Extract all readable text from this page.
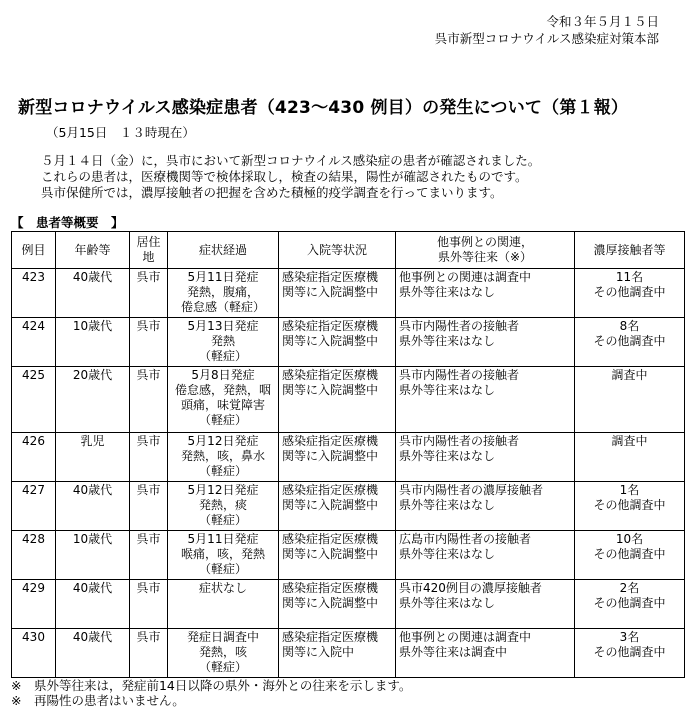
令和３年５月１５日
呉市新型コロナウイルス感染症対策本部
新型コロナウイルス感染症患者（423〜430 例目）の発生について（第１報）
（5月15日　１３時現在）
５月１４日（金）に，呉市において新型コロナウイルス感染症の患者が確認されました。
これらの患者は，医療機関等で検体採取し，検査の結果，陽性が確認されたものです。
呉市保健所では，濃厚接触者の把握を含めた積極的疫学調査を行ってまいります。
【　患者等概要　】
例目	年齢等	居住
地	症状経過	入院等状況	他事例との関連，
県外等往来（※）	濃厚接触者等
423	40歳代	呉市	5月11日発症
発熱，腹痛，
倦怠感（軽症）	感染症指定医療機
関等に入院調整中	他事例との関連は調査中
県外等往来はなし	11名
その他調査中
424	10歳代	呉市	5月13日発症
発熱
（軽症）	感染症指定医療機
関等に入院調整中	呉市内陽性者の接触者
県外等往来はなし	8名
その他調査中
425	20歳代	呉市	5月8日発症
倦怠感，発熱，咽
頭痛，味覚障害
（軽症）	感染症指定医療機
関等に入院調整中	呉市内陽性者の接触者
県外等往来はなし	調査中
426	乳児	呉市	5月12日発症
発熱，咳，鼻水
（軽症）	感染症指定医療機
関等に入院調整中	呉市内陽性者の接触者
県外等往来はなし	調査中
427	40歳代	呉市	5月12日発症
発熱，痰
（軽症）	感染症指定医療機
関等に入院調整中	呉市内陽性者の濃厚接触者
県外等往来はなし	1名
その他調査中
428	10歳代	呉市	5月11日発症
喉痛，咳，発熱
（軽症）	感染症指定医療機
関等に入院調整中	広島市内陽性者の接触者
県外等往来はなし	10名
その他調査中
429	40歳代	呉市	症状なし	感染症指定医療機
関等に入院調整中	呉市420例目の濃厚接触者
県外等往来はなし	2名
その他調査中
430	40歳代	呉市	発症日調査中
発熱，咳
（軽症）	感染症指定医療機
関等に入院中	他事例との関連は調査中
県外等往来は調査中	3名
その他調査中
※　県外等往来は，発症前14日以降の県外・海外との往来を示します。
※　再陽性の患者はいません。
